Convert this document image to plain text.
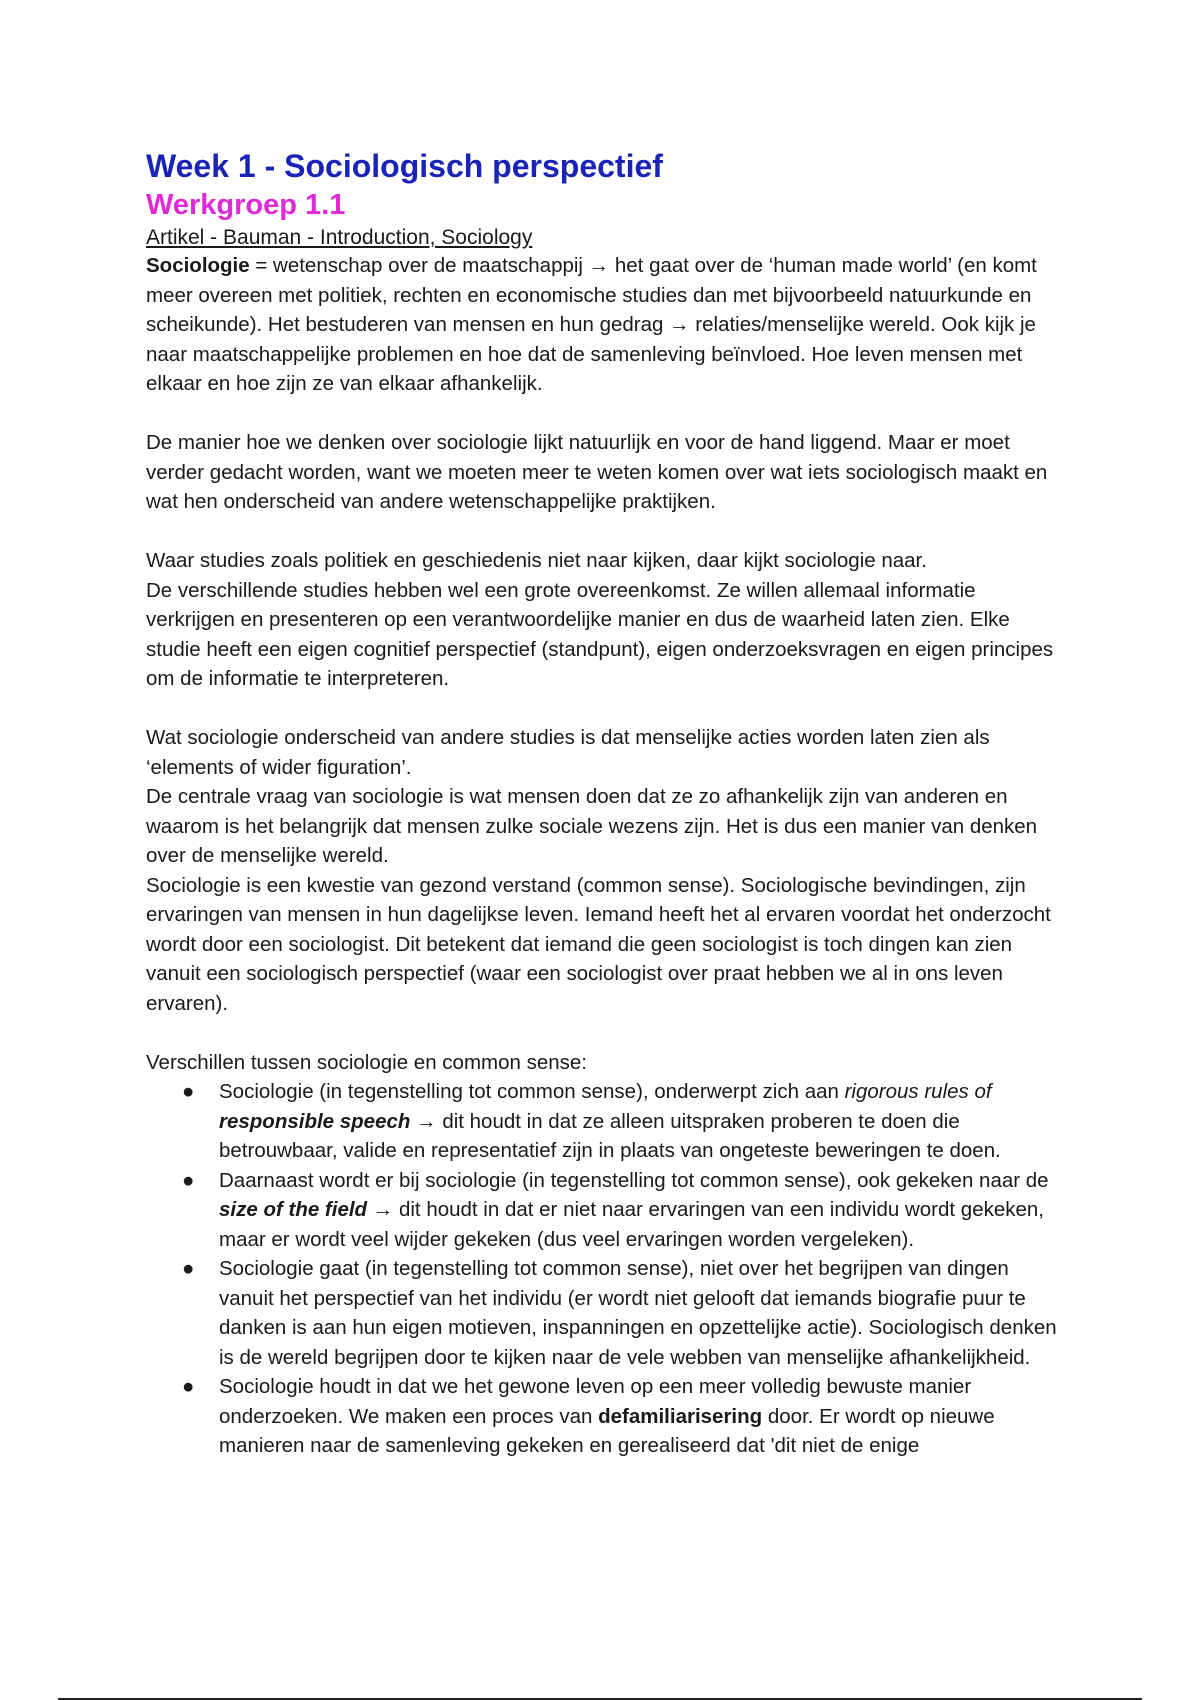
Week 1 - Sociologisch perspectief
Werkgroep 1.1

Artikel - Bauman - Introduction, Sociology

Sociologie = wetenschap over de maatschappij → het gaat over de ‘human made world’ (en komt meer overeen met politiek, rechten en economische studies dan met bijvoorbeeld natuurkunde en scheikunde). Het bestuderen van mensen en hun gedrag → relaties/menselijke wereld. Ook kijk je naar maatschappelijke problemen en hoe dat de samenleving beïnvloed. Hoe leven mensen met elkaar en hoe zijn ze van elkaar afhankelijk.

De manier hoe we denken over sociologie lijkt natuurlijk en voor de hand liggend. Maar er moet verder gedacht worden, want we moeten meer te weten komen over wat iets sociologisch maakt en wat hen onderscheid van andere wetenschappelijke praktijken.

Waar studies zoals politiek en geschiedenis niet naar kijken, daar kijkt sociologie naar.

De verschillende studies hebben wel een grote overeenkomst. Ze willen allemaal informatie verkrijgen en presenteren op een verantwoordelijke manier en dus de waarheid laten zien. Elke studie heeft een eigen cognitief perspectief (standpunt), eigen onderzoeksvragen en eigen principes om de informatie te interpreteren.

Wat sociologie onderscheid van andere studies is dat menselijke acties worden laten zien als ‘elements of wider figuration’.

De centrale vraag van sociologie is wat mensen doen dat ze zo afhankelijk zijn van anderen en waarom is het belangrijk dat mensen zulke sociale wezens zijn. Het is dus een manier van denken over de menselijke wereld.

Sociologie is een kwestie van gezond verstand (common sense). Sociologische bevindingen, zijn ervaringen van mensen in hun dagelijkse leven. Iemand heeft het al ervaren voordat het onderzocht wordt door een sociologist. Dit betekent dat iemand die geen sociologist is toch dingen kan zien vanuit een sociologisch perspectief (waar een sociologist over praat hebben we al in ons leven ervaren).

Verschillen tussen sociologie en common sense:

● Sociologie (in tegenstelling tot common sense), onderwerpt zich aan rigorous rules of responsible speech → dit houdt in dat ze alleen uitspraken proberen te doen die betrouwbaar, valide en representatief zijn in plaats van ongeteste beweringen te doen.
● Daarnaast wordt er bij sociologie (in tegenstelling tot common sense), ook gekeken naar de size of the field → dit houdt in dat er niet naar ervaringen van een individu wordt gekeken, maar er wordt veel wijder gekeken (dus veel ervaringen worden vergeleken).
● Sociologie gaat (in tegenstelling tot common sense), niet over het begrijpen van dingen vanuit het perspectief van het individu (er wordt niet gelooft dat iemands biografie puur te danken is aan hun eigen motieven, inspanningen en opzettelijke actie). Sociologisch denken is de wereld begrijpen door te kijken naar de vele webben van menselijke afhankelijkheid.
● Sociologie houdt in dat we het gewone leven op een meer volledig bewuste manier onderzoeken. We maken een proces van defamiliarisering door. Er wordt op nieuwe manieren naar de samenleving gekeken en gerealiseerd dat 'dit niet de enige
